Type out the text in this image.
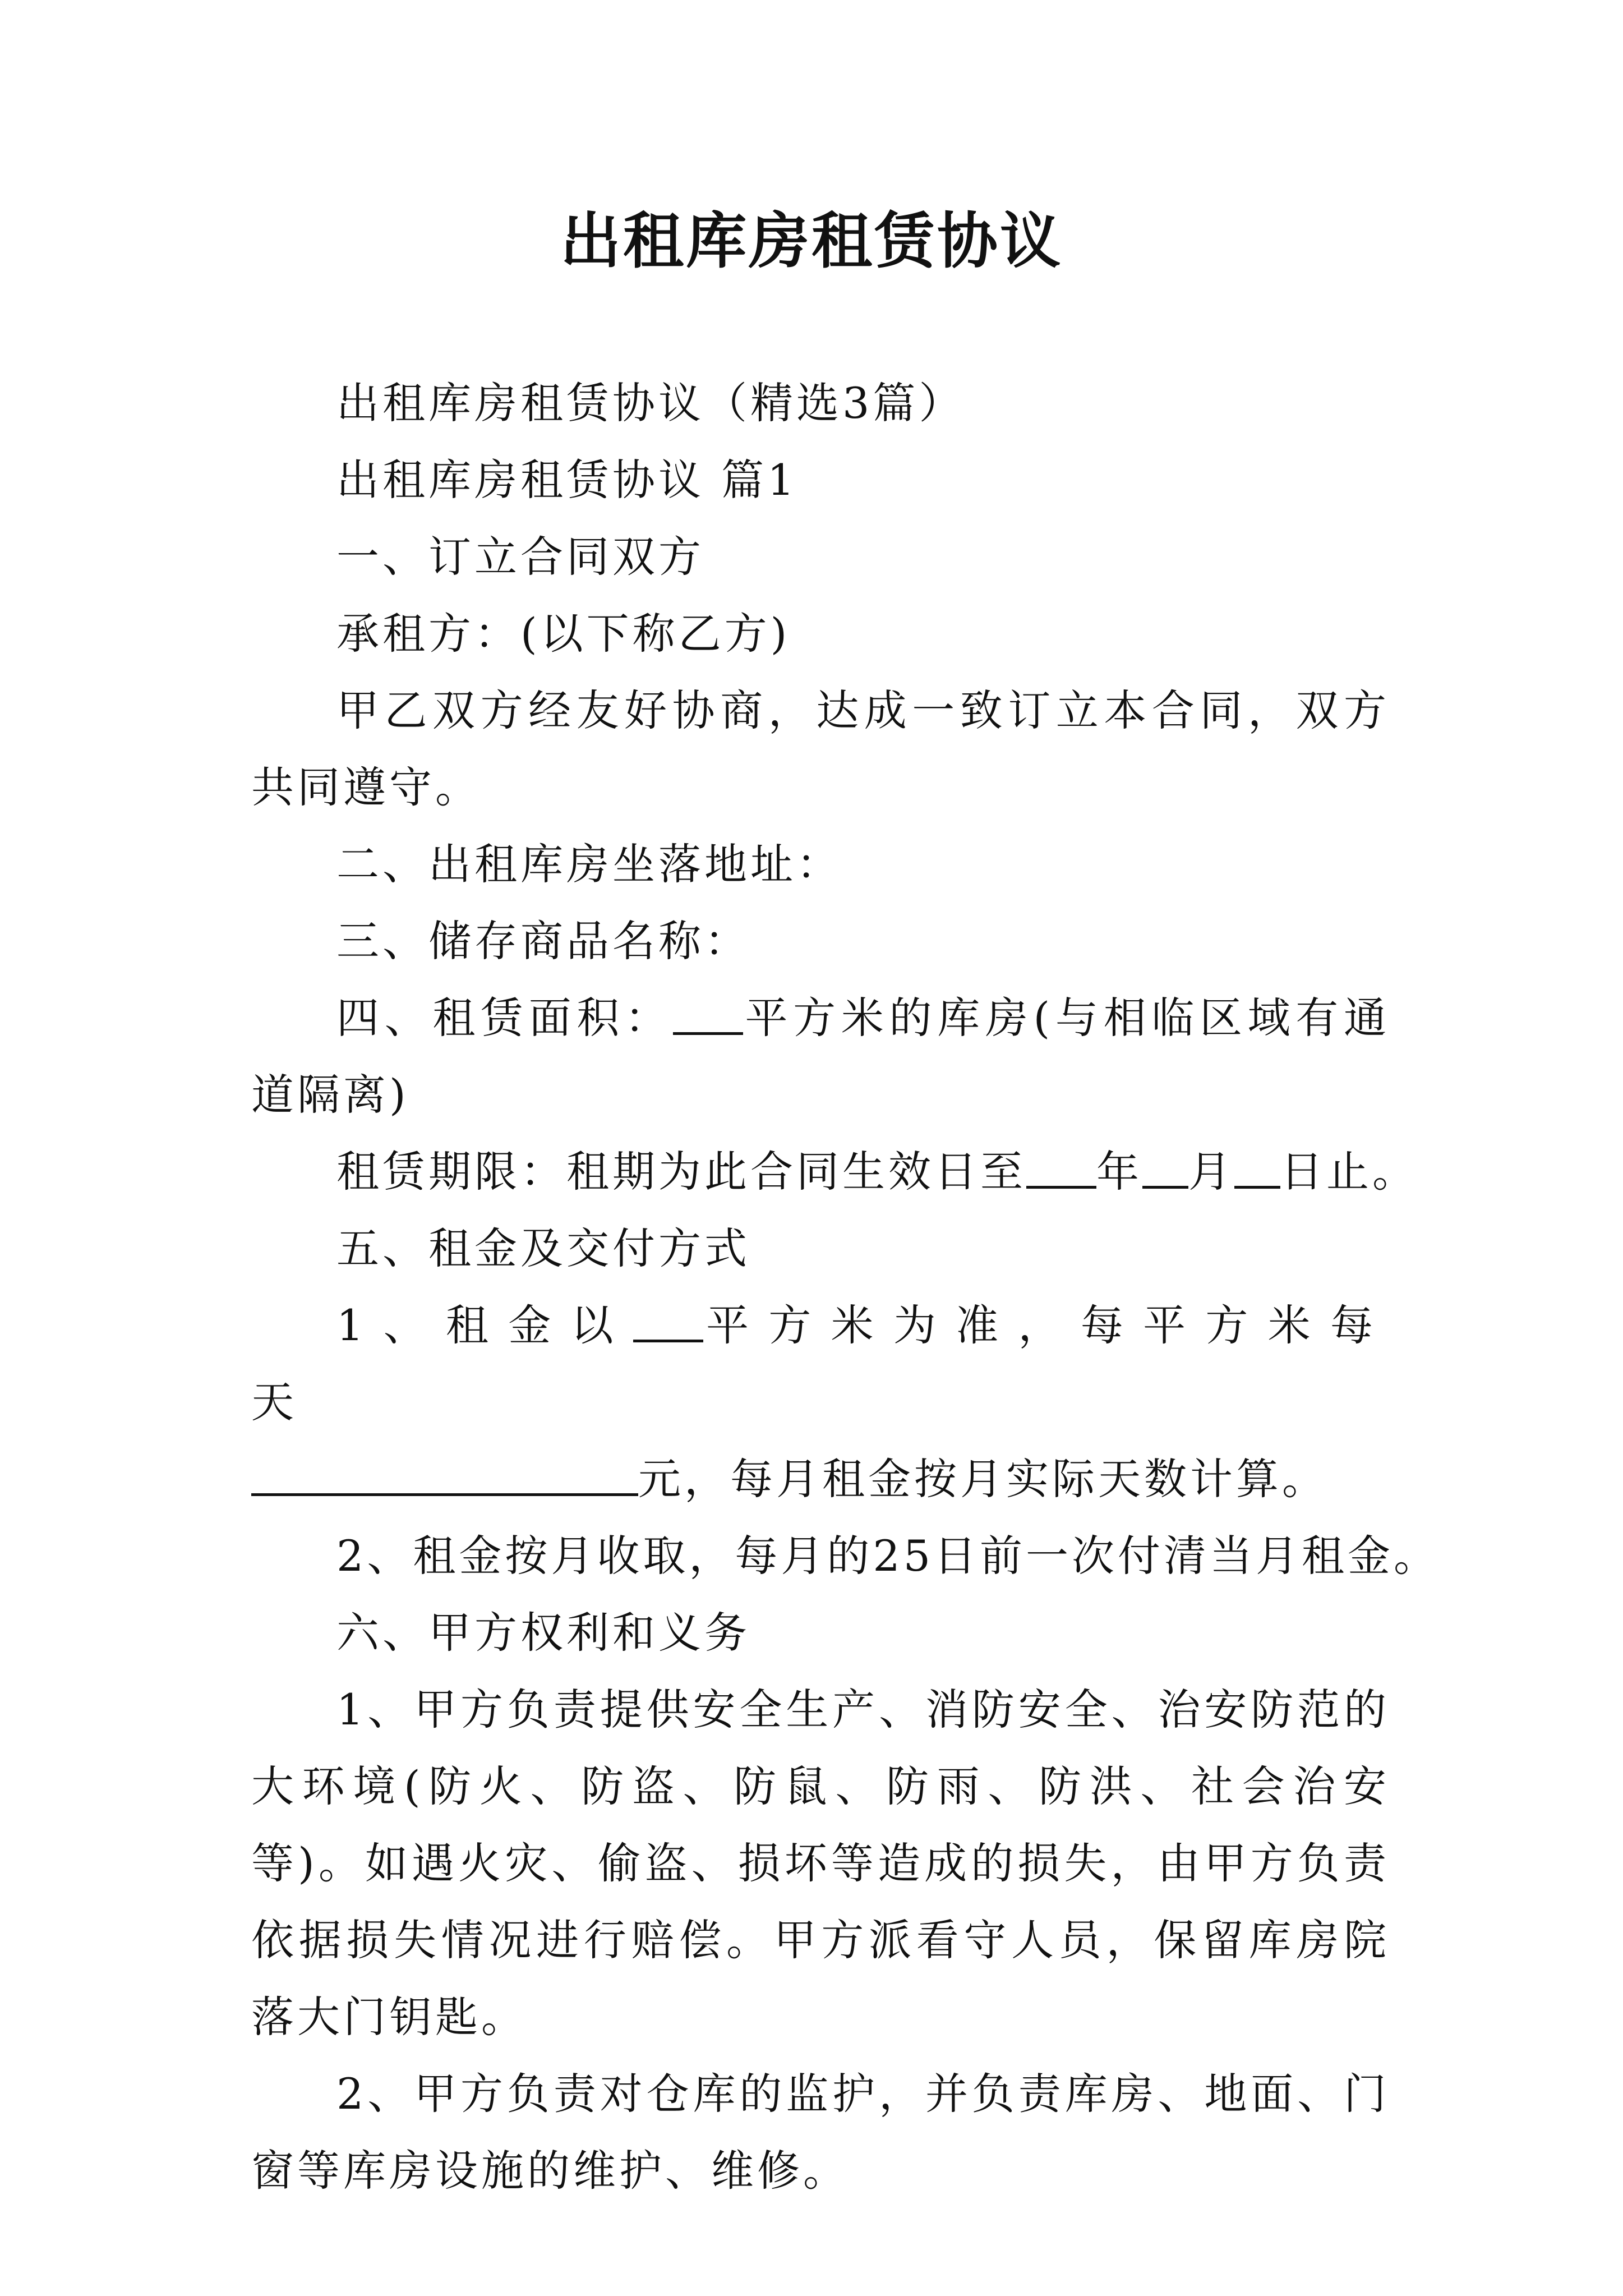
出租库房租赁协议

出租库房租赁协议（精选3篇）

出租库房租赁协议 篇1

一、订立合同双方

承租方：(以下称乙方)

甲乙双方经友好协商，达成一致订立本合同，双方共同遵守。

二、出租库房坐落地址：

三、储存商品名称：

四、租赁面积： 平方米的库房(与相临区域有通道隔离)

租赁期限：租期为此合同生效日至 年 月 日止。

五、租金及交付方式

1、租金以 平方米为准，每平方米每天

元，每月租金按月实际天数计算。

2、租金按月收取，每月的25日前一次付清当月租金。

六、甲方权利和义务

1、甲方负责提供安全生产、消防安全、治安防范的大环境(防火、防盗、防鼠、防雨、防洪、社会治安等)。如遇火灾、偷盗、损坏等造成的损失，由甲方负责依据损失情况进行赔偿。甲方派看守人员，保留库房院落大门钥匙。

2、甲方负责对仓库的监护，并负责库房、地面、门窗等库房设施的维护、维修。
